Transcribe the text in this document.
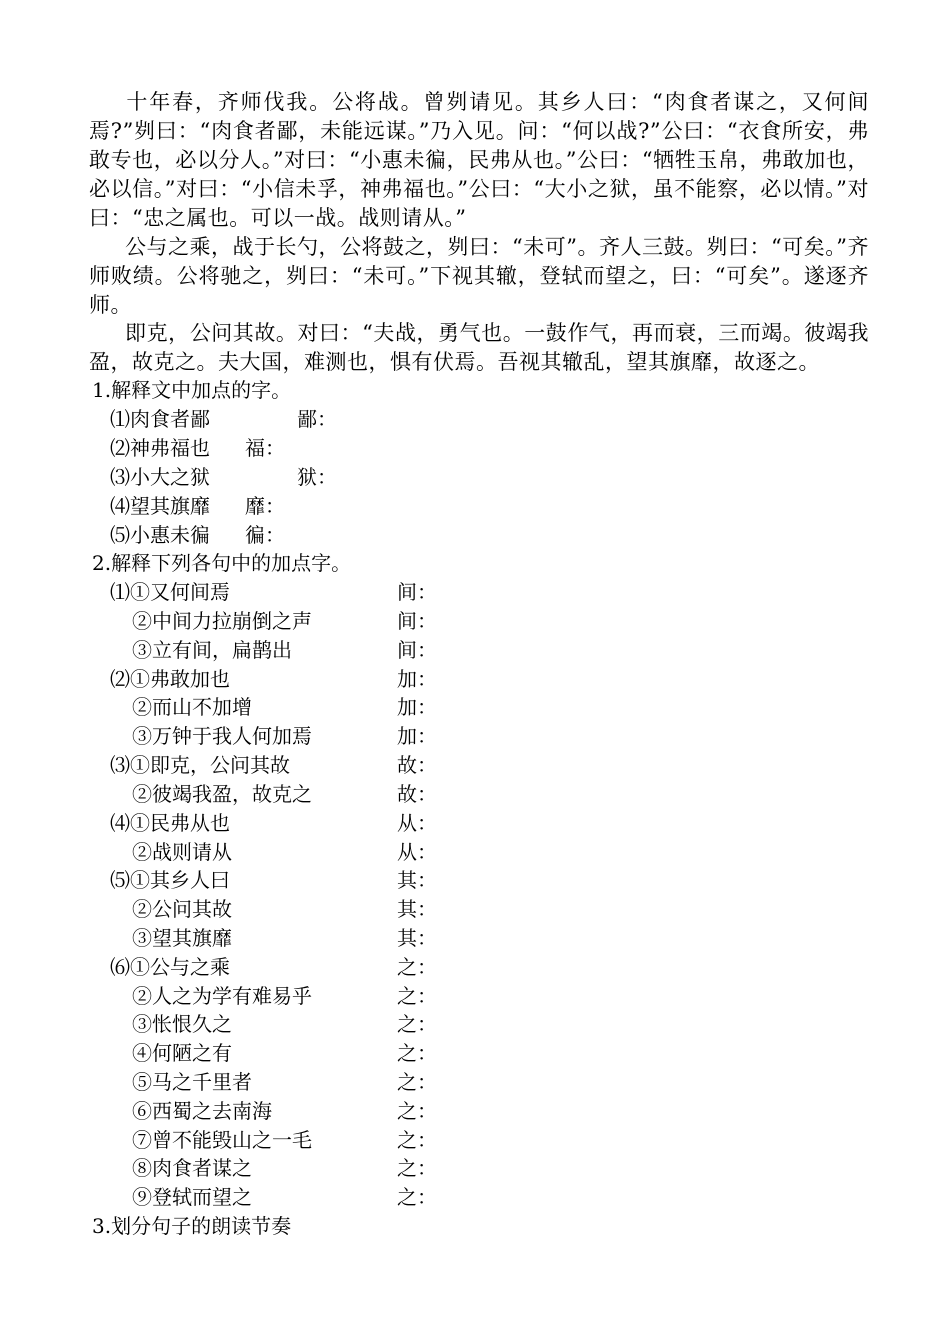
十年春，齐师伐我。公将战。曾刿请见。其乡人曰：“肉食者谋之，又何间焉?”刿曰：“肉食者鄙，未能远谋。”乃入见。问：“何以战?”公曰：“衣食所安，弗敢专也，必以分人。”对曰：“小惠未徧，民弗从也。”公曰：“牺牲玉帛，弗敢加也，必以信。”对曰：“小信未孚，神弗福也。”公曰：“大小之狱，虽不能察，必以情。”对曰：“忠之属也。可以一战。战则请从。”

公与之乘，战于长勺，公将鼓之，刿曰：“未可”。齐人三鼓。刿曰：“可矣。”齐师败绩。公将驰之，刿曰：“未可。”下视其辙，登轼而望之，曰：“可矣”。遂逐齐师。

即克，公问其故。对曰：“夫战，勇气也。一鼓作气，再而衰，三而竭。彼竭我盈，故克之。夫大国，难测也，惧有伏焉。吾视其辙乱，望其旗靡，故逐之。

1.解释文中加点的字。
⑴肉食者鄙	鄙：
⑵神弗福也 福：
⑶小大之狱	狱：
⑷望其旗靡 靡：
⑸小惠未徧 徧：
2.解释下列各句中的加点字。
⑴①又何间焉	间：
②中间力拉崩倒之声	间：
③立有间，扁鹊出	间：
⑵①弗敢加也	加：
②而山不加增	加：
③万钟于我人何加焉	加：
⑶①即克，公问其故	故：
②彼竭我盈，故克之	故：
⑷①民弗从也	从：
②战则请从	从：
⑸①其乡人曰	其：
②公问其故	其：
③望其旗靡	其：
⑹①公与之乘	之：
②人之为学有难易乎	之：
③怅恨久之	之：
④何陋之有	之：
⑤马之千里者	之：
⑥西蜀之去南海	之：
⑦曾不能毁山之一毛	之：
⑧肉食者谋之	之：
⑨登轼而望之	之：
3.划分句子的朗读节奏
